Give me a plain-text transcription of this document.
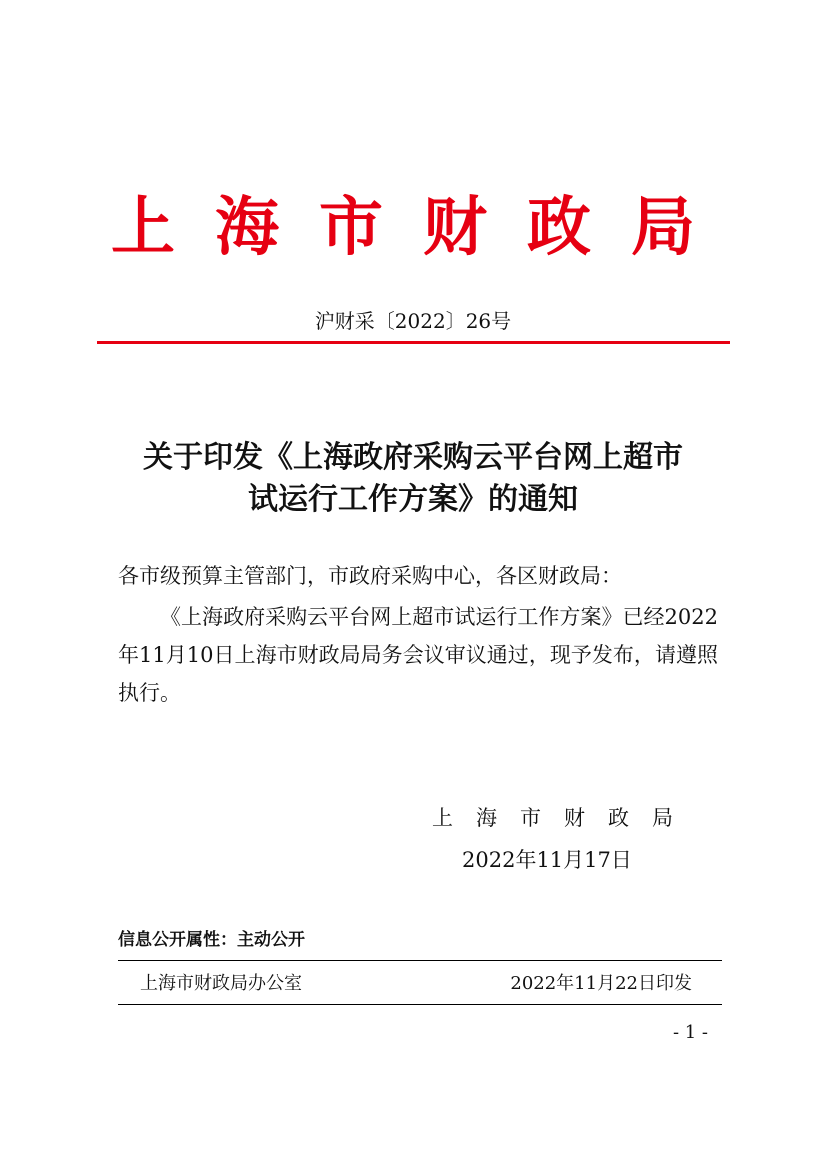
上海市财政局
沪财采〔2022〕26号
关于印发《上海政府采购云平台网上超市
试运行工作方案》的通知
各市级预算主管部门，市政府采购中心，各区财政局：
《上海政府采购云平台网上超市试运行工作方案》已经2022年11月10日上海市财政局局务会议审议通过，现予发布，请遵照执行。
上海市财政局
2022年11月17日
信息公开属性：主动公开
上海市财政局办公室	2022年11月22日印发
- 1 -
